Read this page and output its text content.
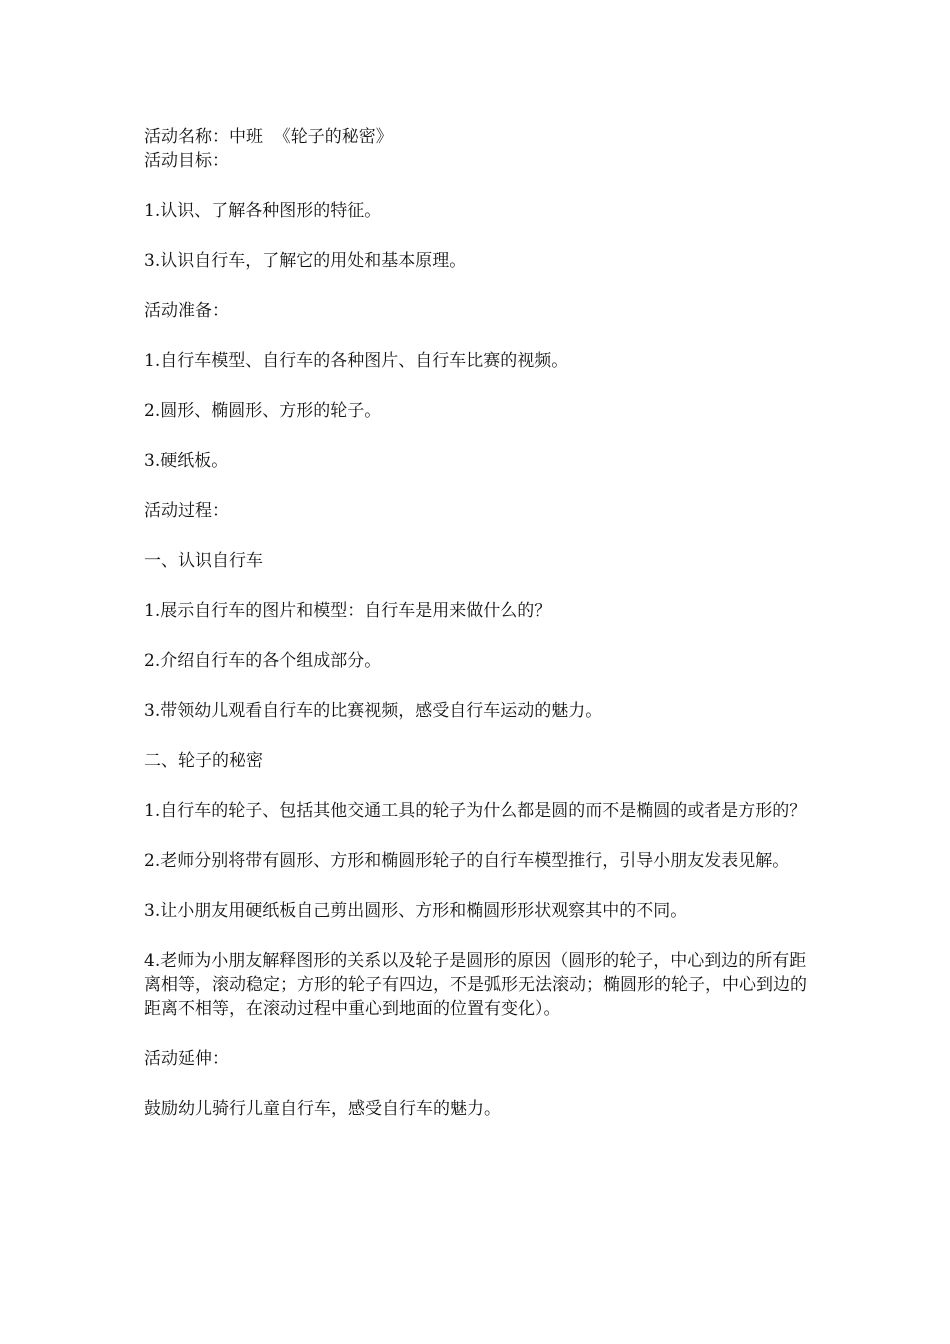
活动名称：中班  《轮子的秘密》

活动目标：

1.认识、了解各种图形的特征。

3.认识自行车，了解它的用处和基本原理。

活动准备：

1.自行车模型、自行车的各种图片、自行车比赛的视频。

2.圆形、椭圆形、方形的轮子。

3.硬纸板。

活动过程：

一、认识自行车

1.展示自行车的图片和模型：自行车是用来做什么的？

2.介绍自行车的各个组成部分。

3.带领幼儿观看自行车的比赛视频，感受自行车运动的魅力。

二、轮子的秘密

1.自行车的轮子、包括其他交通工具的轮子为什么都是圆的而不是椭圆的或者是方形的？

2.老师分别将带有圆形、方形和椭圆形轮子的自行车模型推行，引导小朋友发表见解。

3.让小朋友用硬纸板自己剪出圆形、方形和椭圆形形状观察其中的不同。

4.老师为小朋友解释图形的关系以及轮子是圆形的原因（圆形的轮子，中心到边的所有距离相等，滚动稳定；方形的轮子有四边，不是弧形无法滚动；椭圆形的轮子，中心到边的距离不相等，在滚动过程中重心到地面的位置有变化）。

活动延伸：

鼓励幼儿骑行儿童自行车，感受自行车的魅力。
